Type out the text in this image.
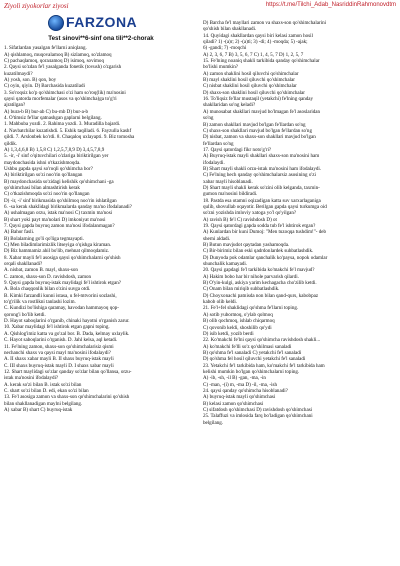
Ziyoli ziyokorlar ziyosi	https://t.me/Tilchi_Adab_NasriddinRahmonovdtm
FARZONA
Test sinovi**6-sinf ona tili**2-chorak
1. Sifatlardan yasalgan fe'llarni aniqlang.
A) qishlamoq, muqovalamoq B) sizlamoq, so'zlamoq
C) pachaqlamoq, qorалamoq D) isimoq, sovimoq
2. Qaysi so'zdan fe'l yasalganda fonetik (tovush) o'zgarish
kuzatilmaydi?
A) yosh, son. B) qon, boy
C) oyin, qiyin. D) Barchasida kuzatiladi
3. So'roqsiz ko'p qo'shimchasi o'zi ham so'roq(lik) ma'nosini
qaysi qatorda morfemalar (asos va qo'shimcha)ga to'g'ri
ajratilgan?
A) bura-b B) bur-ab C) bu-rnb D) bur-a-b
4. O'timsiz fe'llar qatnashgan gaplarni belgilang.
1. Mahbuba yozdi. 2. Rahima yozdi. 3. Muradilla bajardi.
4. Navbatchilar kuzatishdi. 5. Eshik taqilladi. 6. Fayzulla kashf
qildi. 7. Arslonbek ko'rdi. 8. Chaqaloq uxlayapti. 9. Biz tomosha
qildik.
A) 1,3,4,6,8 B) 1,5,8 C) 1,2,5,7,8,9 D) 3,4,5,7,8,9
5. -ir, -i' sinf o'qituvchilari o'zlariga biriktirilgan yer
maydonchasida ishni o'tkazishmoqda.
Ushbu gapda qaysi so'roqli qo'shimcha bor?
A) biriktirilgan so'zi noo'rin qo'llangan
B) maydonchasida so'zidagi kelishik qo'shimchani -ga
qo'shimchasi bilan almashtirish kerak
C) o'tkazishmoqda so'zi noo'rin qo'llangan
D) -ir, -i' sinf birikmasida qo'shilmoq noo'rin ishlatilgan
6. -sa kerak shaklidagi birikmalarda qanday ma'no ifodalanadi?
A) ushalmagan orzu, istak ma'nosi C) taxmin ma'nosi
B) shart yoki payt ma'nolari D) imkoniyat ma'nosi
7. Qaysi gapda buyruq zamon ma'nosi ifodalanmagan?
A) Bahor fasli.
B) Bolalarning go'li qo'liga tegmayapti.
C) Men biladimlarimizlik litseyiga o'qishga kiraman.
D) Biz hammamiz ahil bo'lib, mehnat qilmoqdamiz.
8. Xabar mayli fe'l asosiga qaysi qo'shimchalarni qo'shish
orqali shakllanadi?
A. nisbat, zamon B. mayl, shaxs-son
C. zamon, shaxs-son D. ravishdosh, zamon
9. Qaysi gapda buyruq-istak maylidagi fe'l ishtirok etgan?
A. Bola chaqqonlik bilan o'zini suvga otdi.
B. Kimki farzandli kunni istasa, u fel-mtvorini sozlashi,
to'g'rilik va rostlikni tanlashi lozim.
C. Kundizi bo'lishiga qaramay, havodan hammayoq qop-
qorong'i bo'lib ketdi.
D. Hayot saboqlarini o'rganib, chinaki hayotni o'rganish zarur.
10. Xabar maylidagi fe'l ishtirok etgan gapni toping.
A. Qishlog'imiz katta va go'zal bor. B. Dada, kelmay uxlaylik.
C. Hayot saboqlarini o'rganish. D. Jahl kelsa, aql ketadi.
11. Fe'lning zamon, shaxs-son qo'shimchalarisiz qismi
nechanchi shaxs va qaysi mayl ma'nosini ifodalaydi?
A. II shaxs xabar mayli B. II shaxs buyruq-istak mayli
C. III shaxs buyruq-istak mayli D. I shaxs xabar mayli
12. Shart maylidagi so'zlar qanday so'zlar bilan qo'llansa, orzu-
istak ma'nosini ifodalaydi?
A. kerak so'zi bilan B. istak so'zi bilan
C. shart so'zi bilan D. edi, ekan so'zi bilan
13. Fe'l asosiga zamon va shaxs-son qo'shimchalarini qo'shish
bilan shakllanadigan maylni belgilang.
A) xabar B) shart C) buyruq-istak
D) Barcha fe'l mayllari zamon va shaxs-son qo'shimchalarini
qo'shish bilan shakllanadi.
14. Quyidagi shakllardan qaysi biri kelasi zamon hosil
qiladi? 1) -(a)r; 2) -(a)ti; 3) -di; 4) -moqda; 5) -ajak;
6) -gandi; 7) -moqchi
A) 2, 3, 6, 7 B) 3, 5, 6, 7 C) 1, 4, 5, 7 D) 1, 2, 5, 7
15. Fe'lning noaniq shakli tarkibida qanday qo'shimchalar
bo'lishi mumkin?
A) zamon shaklini hosil qiluvchi qo'shimchalar
B) mayl shaklini hosil qiluvchi qo'shimchalar
C) nisbat shaklini hosil qiluvchi qo'shimchalar
D) shaxs-son shaklini hosil qiluvchi qo'shimchalar
16. To'liqsiz fe'llar mustaqil (yetakchi) fe'lning qanday
shakllaridan so'ng keladi?
A) munosabat shakllari mavjud bo'lmagan fe'l asoslaridan
so'ng
B) zamon shakllari mavjud bo'lgan fe'llardan so'ng
C) shaxs-son shakllari mavjud bo'lgan fe'llardan so'ng
D) nisbat, zamon va shaxs-son shakllari mavjud bo'lgan
fe'llardan so'ng
17. Qaysi qatordagi fikr noto'g'ri?
A) Buyruq-istak mayli shakllari shaxs-son ma'nosini ham
ifodalaydi.
B) Shart mayli shakli orzu-istak ma'nosini ham ifodalaydi.
C) Fe'lning hech qanday qo'shimchalarsiz asosining o'zi
xabar mayli hisoblanadi.
D) Shart mayli shakli kerak so'zini olib kelganda, taxmin-
gumon ma'nosini bildiradi.
18. Pastda esa otamni oqizadigan katta suv xarxarlaganiga
qulib, shovullab oqayotir. Berilgan gapda qaysi turkumga oid
so'zni yozishda imloviy xatoga yo'l qo'yilgan?
A) ravish B) fe'l C) ravishdosh D) ot
19. Qaysi qatordagi gapda sodda tub fe'l ishtirok etgan?
A) Kunlardan bir kuni Dumoj: "Men tuzoqqa tushdim!"- deb
sherni aldadi.
B) Butun mavjudot qaytadan yashamoqda.
C) Bir-birimiz bilan eski qadrdonlardek suhbatlashdik.
D) Dunyoda pok odamlar qanchalik ko'paysa, nopok odamlar
shunchalik kamayadi.
20. Qaysi gapdagi fe'l tarkibida ko'makchi fe'l mavjud?
A) Hakim bobo har bir nihole parvarish qilardi.
B) O'yin-kulgi, askiya yarim kechagacha cho'zilib ketdi.
C) Onam bilan miriqib suhbatlashdik.
D) Choyxonachi patnisda non bilan qand-qurs, kabobpaz
kabob olib keldi.
21. Fe'l+fel shaklidagi qo'shma fe'llarni toping.
A) sotib yubormoq, o'ylab qolmoq
B) olib qochmoq, ishlab chiqarmoq
C) qovonib keldi, shoshilib qo'ydi
D) isib ketdi, yozib berdi
22. Ko'makchi fe'lni qaysi qo'shimcha ravishdosh shakli...
A) ko'makchi fe'lli so'z qo'shilmasi sanaladi
B) qo'shma fe'l sanaladi C) yetakchi fe'l sanaladi
D) qo'shma fel hosil qiluvchi yetakchi fe'l sanaladi
23. Yetakchi fe'l tarkibida ham, ko'makchi fe'l tarkibida ham
kelishi mumkin bo'lgan qo'shimchalarni toping.
A) -ib, -sh, -il B) -gan, -ma, -in
C) -man, -(i) m, -ma D) -il, -ma, -ish
24. qaysi qanday qo'shimcha hisoblanadi?
A) buyruq-istak mayli qo'shimchasi
B) kelasi zamon qo'shimchasi
C) sifatdosh qo'shimchasi D) ravishdosh qo'shimchasi
25. Talaffuzi va imlosida farq bo'ladigan qo'shimchani
belgilang.
